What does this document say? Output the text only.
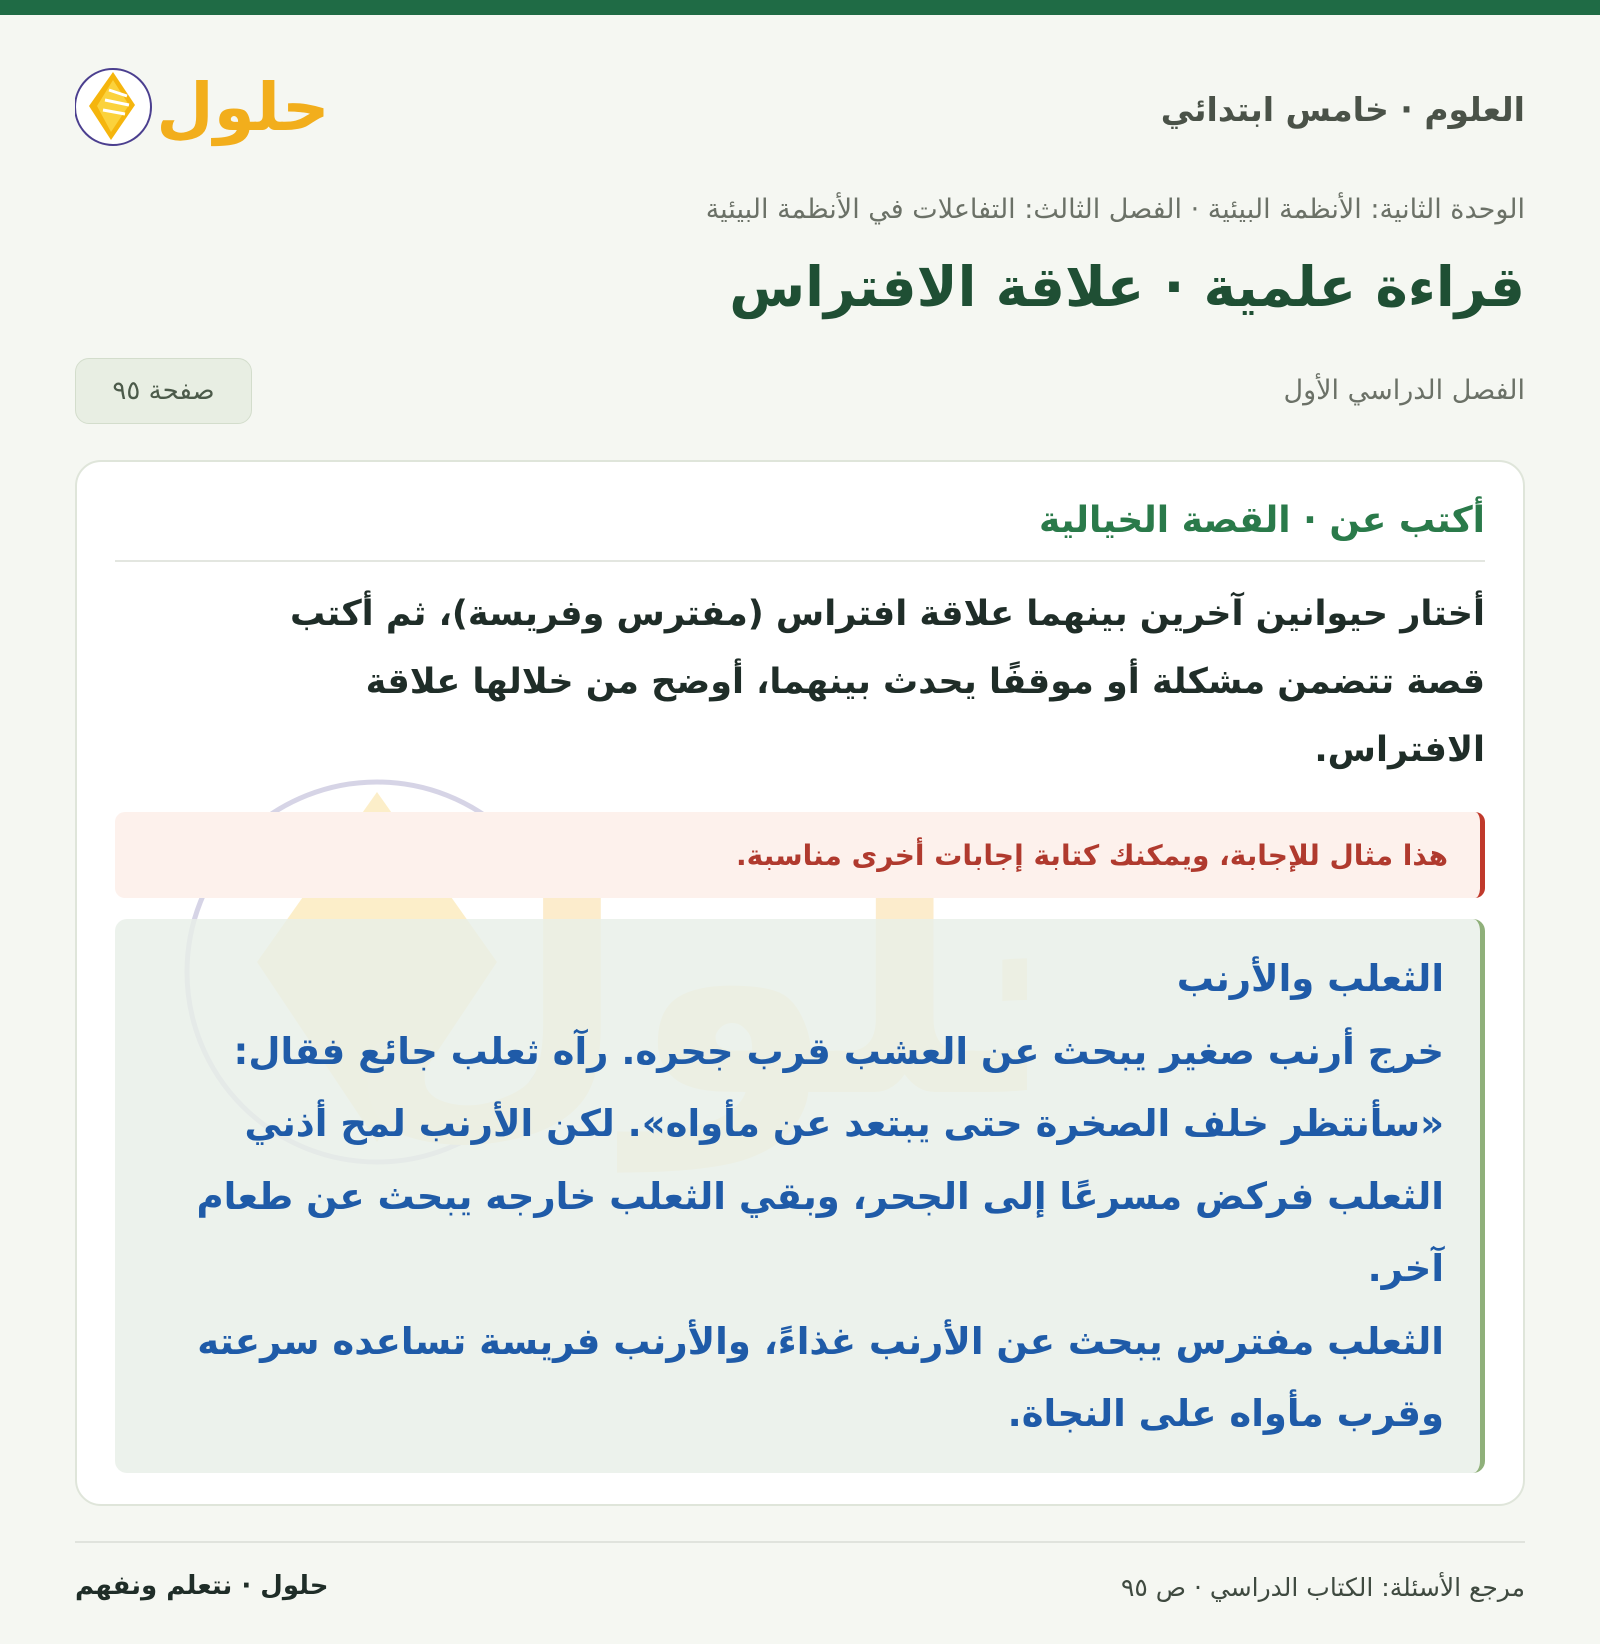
العلوم · خامس ابتدائي
حلول
الوحدة الثانية: الأنظمة البيئية · الفصل الثالث: التفاعلات في الأنظمة البيئية
قراءة علمية · علاقة الافتراس
الفصل الدراسي الأول
صفحة ٩٥
أكتب عن · القصة الخيالية

أختار حيوانين آخرين بينهما علاقة افتراس (مفترس وفريسة)، ثم أكتب قصة تتضمن مشكلة أو موقفًا يحدث بينهما، أوضح من خلالها علاقة الافتراس.

هذا مثال للإجابة، ويمكنك كتابة إجابات أخرى مناسبة.
الثعلب والأرنب
خرج أرنب صغير يبحث عن العشب قرب جحره. رآه ثعلب جائع فقال: «سأنتظر خلف الصخرة حتى يبتعد عن مأواه». لكن الأرنب لمح أذني الثعلب فركض مسرعًا إلى الجحر، وبقي الثعلب خارجه يبحث عن طعام آخر.
الثعلب مفترس يبحث عن الأرنب غذاءً، والأرنب فريسة تساعده سرعته وقرب مأواه على النجاة.
مرجع الأسئلة: الكتاب الدراسي · ص ٩٥
حلول · نتعلم ونفهم
